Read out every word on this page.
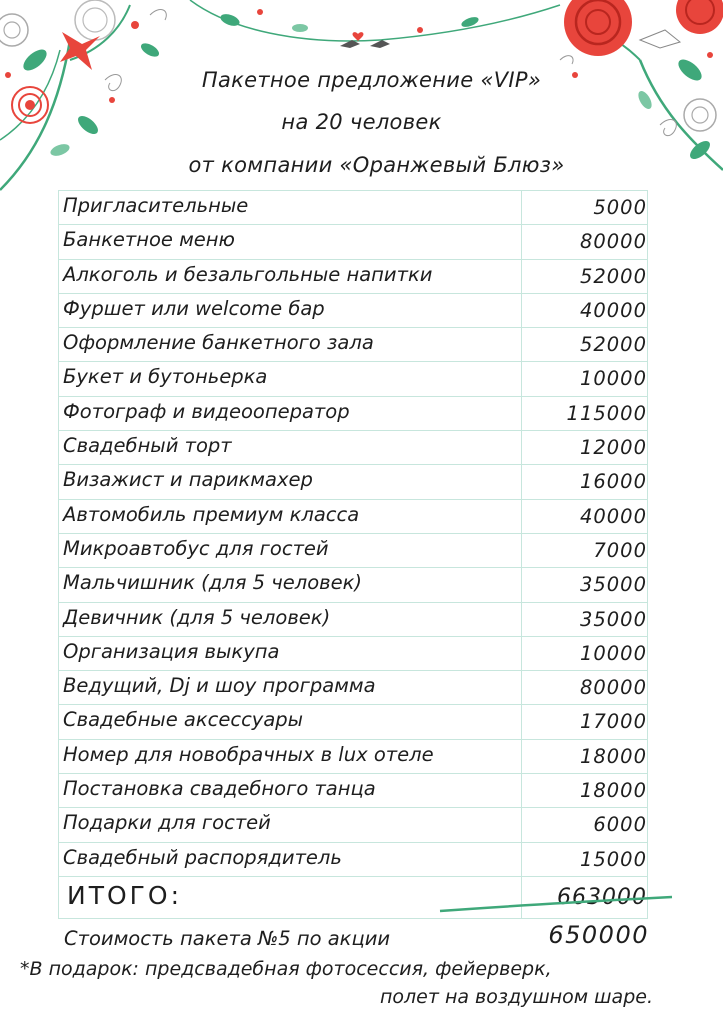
Пакетное предложение «VIP»
на 20 человек
от компании «Оранжевый Блюз»
Пригласительные	5000
Банкетное меню	80000
Алкоголь и безальгольные напитки	52000
Фуршет или welcome бар	40000
Оформление банкетного зала	52000
Букет и бутоньерка	10000
Фотограф и видеооператор	115000
Свадебный торт	12000
Визажист и парикмахер	16000
Автомобиль премиум класса	40000
Микроавтобус для гостей	7000
Мальчишник (для 5 человек)	35000
Девичник (для 5 человек)	35000
Организация выкупа	10000
Ведущий, Dj и шоу программа	80000
Свадебные аксессуары	17000
Номер для новобрачных в lux отеле	18000
Постановка свадебного танца	18000
Подарки для гостей	6000
Свадебный распорядитель	15000
ИТОГО:	663000
Стоимость пакета №5 по акции	650000
*В подарок: предсвадебная фотосессия, фейерверк,
полет на воздушном шаре.
